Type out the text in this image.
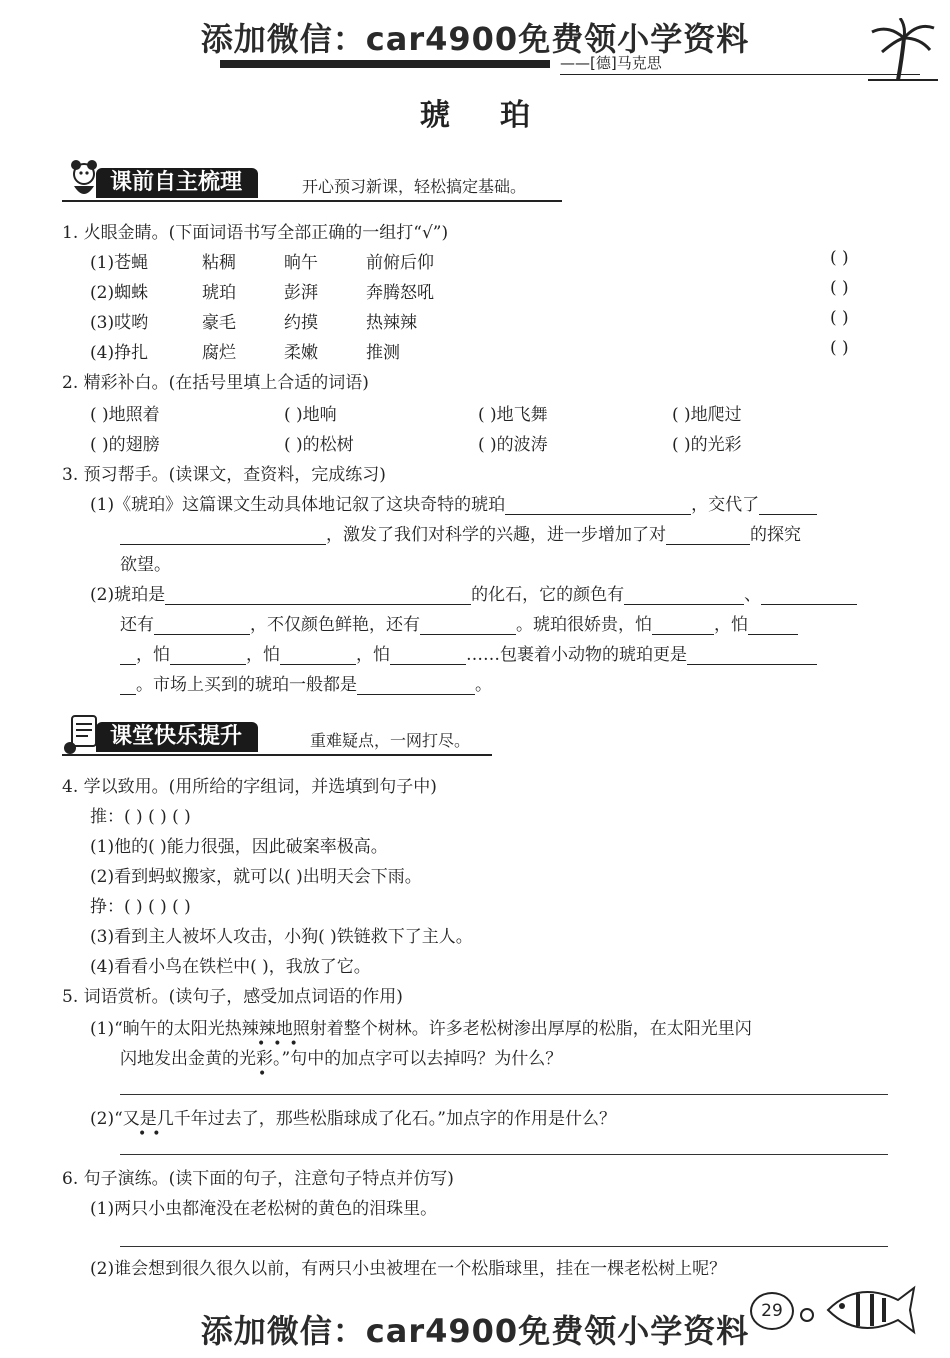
添加微信：car4900免费领小学资料
——[德]马克思
琥珀
课前自主梳理	开心预习新课，轻松搞定基础。
1. 火眼金睛。(下面词语书写全部正确的一组打“√”)
(1)苍蝇	粘稠	晌午	前俯后仰	( )
(2)蜘蛛	琥珀	彭湃	奔腾怒吼	( )
(3)哎哟	豪毛	约摸	热辣辣	( )
(4)挣扎	腐烂	柔嫩	推测	( )
2. 精彩补白。(在括号里填上合适的词语)
( )地照着	( )地响	( )地飞舞	( )地爬过
( )的翅膀	( )的松树	( )的波涛	( )的光彩
3. 预习帮手。(读课文，查资料，完成练习)
(1)《琥珀》这篇课文生动具体地记叙了这块奇特的琥珀	，交代了
，激发了我们对科学的兴趣，进一步增加了对	的探究
欲望。
(2)琥珀是	的化石，它的颜色有	、
还有	，不仅颜色鲜艳，还有	。琥珀很娇贵，怕	，怕
，怕	，怕	，怕	……包裹着小动物的琥珀更是
。市场上买到的琥珀一般都是	。
课堂快乐提升	重难疑点，一网打尽。
4. 学以致用。(用所给的字组词，并选填到句子中)
推：( ) ( ) ( )
(1)他的( )能力很强，因此破案率极高。
(2)看到蚂蚁搬家，就可以( )出明天会下雨。
挣：( ) ( ) ( )
(3)看到主人被坏人攻击，小狗( )铁链救下了主人。
(4)看看小鸟在铁栏中( )，我放了它。
5. 词语赏析。(读句子，感受加点词语的作用)
(1)“晌午的太阳光热辣辣地照射着整个树林。许多老松树渗出厚厚的松脂，在太阳光里闪
•••
闪地发出金黄的光彩。”句中的加点字可以去掉吗？为什么？
•
(2)“又是几千年过去了，那些松脂球成了化石。”加点字的作用是什么？
••
6. 句子演练。(读下面的句子，注意句子特点并仿写)
(1)两只小虫都淹没在老松树的黄色的泪珠里。
(2)谁会想到很久很久以前，有两只小虫被埋在一个松脂球里，挂在一棵老松树上呢？
29
添加微信：car4900免费领小学资料
